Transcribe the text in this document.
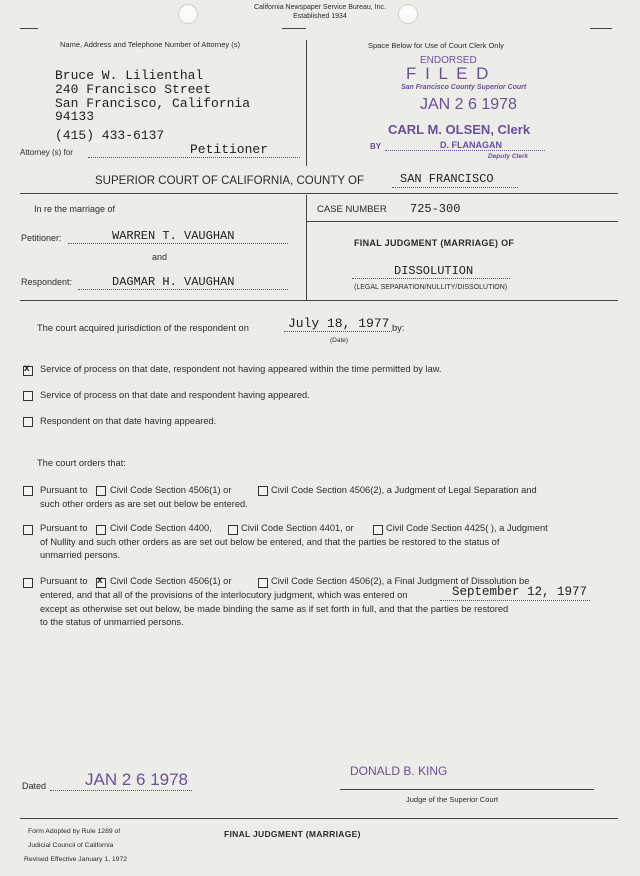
California Newspaper Service Bureau, Inc.
Established 1934
Name, Address and Telephone Number of Attorney (s)
Bruce W. Lilienthal
240 Francisco Street
San Francisco, California
94133
(415) 433-6137
Attorney (s) for	Petitioner
Space Below for Use of Court Clerk Only
ENDORSED
F I L E D
San Francisco County Superior Court
JAN 2 6 1978
CARL M. OLSEN, Clerk
BY	D. FLANAGAN
Deputy Clerk
SUPERIOR COURT OF CALIFORNIA, COUNTY OF	SAN FRANCISCO
In re the marriage of
Petitioner:	WARREN T. VAUGHAN
and
Respondent:	DAGMAR H. VAUGHAN
CASE NUMBER 725-300
FINAL JUDGMENT (MARRIAGE) OF
DISSOLUTION
(LEGAL SEPARATION/NULLITY/DISSOLUTION)
The court acquired jurisdiction of the respondent on	July 18, 1977 by:
(Date)
x
Service of process on that date, respondent not having appeared within the time permitted by law.
Service of process on that date and respondent having appeared.
Respondent on that date having appeared.
The court orders that:
Pursuant to Civil Code Section 4506(1) or	Civil Code Section 4506(2), a Judgment of Legal Separation and
such other orders as are set out below be entered.
Pursuant to Civil Code Section 4400,	Civil Code Section 4401, or	Civil Code Section 4425( ), a Judgment
of Nullity and such other orders as are set out below be entered, and that the parties be restored to the status of
unmarried persons.
Pursuant to
x Civil Code Section 4506(1) or	Civil Code Section 4506(2), a Final Judgment of Dissolution be
entered, and that all of the provisions of the interlocutory judgment, which was entered on	September 12, 1977
except as otherwise set out below, be made binding the same as if set forth in full, and that the parties be restored
to the status of unmarried persons.
Dated JAN 2 6 1978	DONALD B. KING
Judge of the Superior Court
Form Adopted by Rule 1289 of
Judicial Council of California
Revised Effective January 1, 1972
FINAL JUDGMENT (MARRIAGE)
